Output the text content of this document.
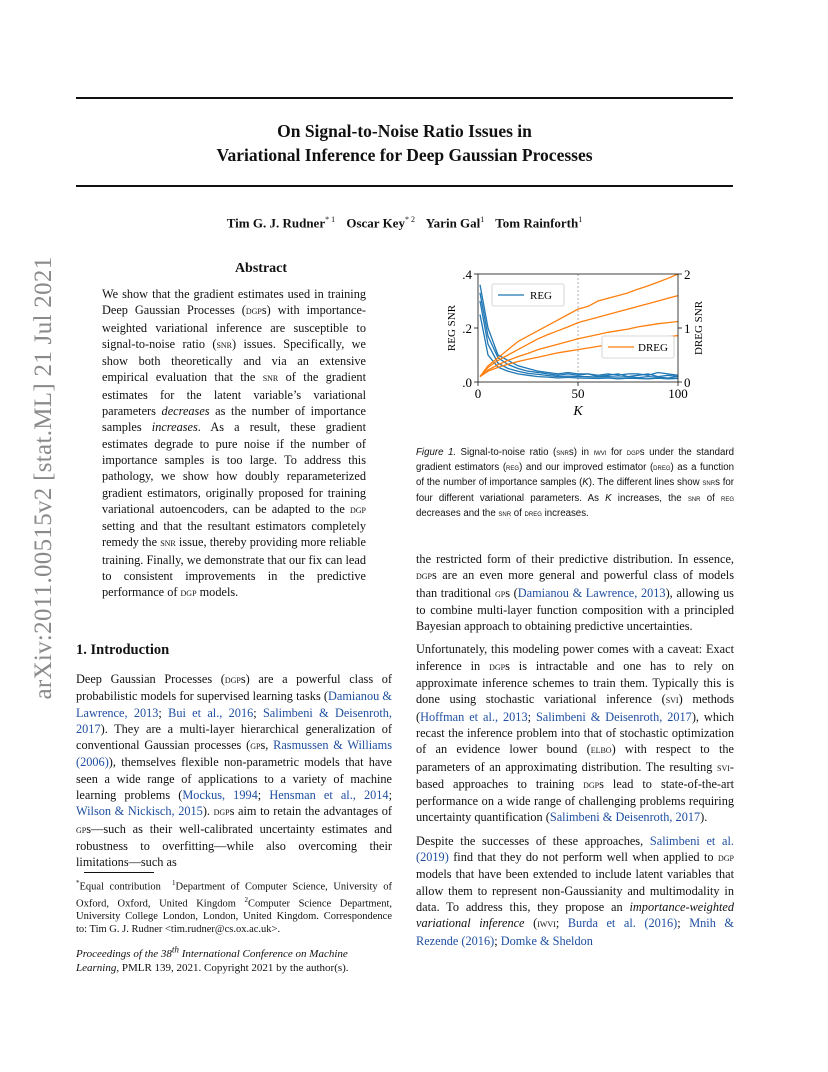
arXiv:2011.00515v2 [stat.ML] 21 Jul 2021
On Signal-to-Noise Ratio Issues in
Variational Inference for Deep Gaussian Processes
Tim G. J. Rudner$^{* 1}$ Oscar Key$^{* 2}$ Yarin Gal$^1$ Tom Rainforth$^1$
Abstract

We show that the gradient estimates used in training Deep Gaussian Processes (dgps) with importance-weighted variational inference are susceptible to signal-to-noise ratio (snr) issues. Specifically, we show both theoretically and via an extensive empirical evaluation that the snr of the gradient estimates for the latent variable’s variational parameters decreases as the number of importance samples increases. As a result, these gradient estimates degrade to pure noise if the number of importance samples is too large. To address this pathology, we show how doubly reparameterized gradient estimators, originally proposed for training variational autoencoders, can be adapted to the dgp setting and that the resultant estimators completely remedy the snr issue, thereby providing more reliable training. Finally, we demonstrate that our fix can lead to consistent improvements in the predictive performance of dgp models.

1. Introduction

Deep Gaussian Processes (dgps) are a powerful class of probabilistic models for supervised learning tasks (Damianou & Lawrence, 2013; Bui et al., 2016; Salimbeni & Deisenroth, 2017). They are a multi-layer hierarchical generalization of conventional Gaussian processes (gps, Rasmussen & Williams (2006)), themselves flexible non-parametric models that have seen a wide range of applications to a variety of machine learning problems (Mockus, 1994; Hensman et al., 2014; Wilson & Nickisch, 2015). dgps aim to retain the advantages of gps—such as their well-calibrated uncertainty estimates and robustness to overfitting—while also overcoming their limitations—such as

*Equal contribution  $^1$Department of Computer Science, University of Oxford, Oxford, United Kingdom $^2$Computer Science Department, University College London, London, United Kingdom. Correspondence to: Tim G. J. Rudner <tim.rudner@cs.ox.ac.uk>.
Proceedings of the 38th International Conference on Machine Learning, PMLR 139, 2021. Copyright 2021 by the author(s).
0	50	100
.0
.2
.4
0
1
2
K
REG SNR	DREG SNR
REG
DREG
Figure 1. Signal-to-noise ratio (snrs) in iwvi for dgps under the standard gradient estimators (reg) and our improved estimator (dreg) as a function of the number of importance samples (K). The different lines show snrs for four different variational parameters. As K increases, the snr of reg decreases and the snr of dreg increases.

the restricted form of their predictive distribution. In essence, dgps are an even more general and powerful class of models than traditional gps (Damianou & Lawrence, 2013), allowing us to combine multi-layer function composition with a principled Bayesian approach to obtaining predictive uncertainties.

Unfortunately, this modeling power comes with a caveat: Exact inference in dgps is intractable and one has to rely on approximate inference schemes to train them. Typically this is done using stochastic variational inference (svi) methods (Hoffman et al., 2013; Salimbeni & Deisenroth, 2017), which recast the inference problem into that of stochastic optimization of an evidence lower bound (elbo) with respect to the parameters of an approximating distribution. The resulting svi-based approaches to training dgps lead to state-of-the-art performance on a wide range of challenging problems requiring uncertainty quantification (Salimbeni & Deisenroth, 2017).

Despite the successes of these approaches, Salimbeni et al. (2019) find that they do not perform well when applied to dgp models that have been extended to include latent variables that allow them to represent non-Gaussianity and multimodality in data. To address this, they propose an importance-weighted variational inference (iwvi; Burda et al. (2016); Mnih & Rezende (2016); Domke & Sheldon
